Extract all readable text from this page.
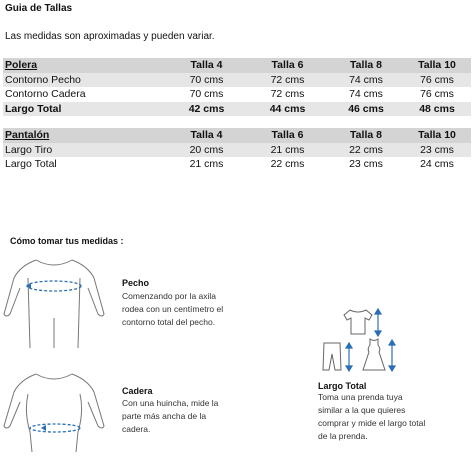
Guia de Tallas
Las medidas son aproximadas y pueden variar.
Polera	Talla 4	Talla 6	Talla 8	Talla 10
Contorno Pecho	70 cms	72 cms	74 cms	76 cms
Contorno Cadera	70 cms	72 cms	74 cms	76 cms
Largo Total	42 cms	44 cms	46 cms	48 cms
Pantalón	Talla 4	Talla 6	Talla 8	Talla 10
Largo Tiro	20 cms	21 cms	22 cms	23 cms
Largo Total	21 cms	22 cms	23 cms	24 cms
Cómo tomar tus medidas :
Pecho
Comenzando por la axila
rodea con un centímetro el
contorno total del pecho.
Cadera
Con una huincha, mide la
parte más ancha de la
cadera.
Largo Total
Toma una prenda tuya
similar a la que quieres
comprar y mide el largo total
de la prenda.
